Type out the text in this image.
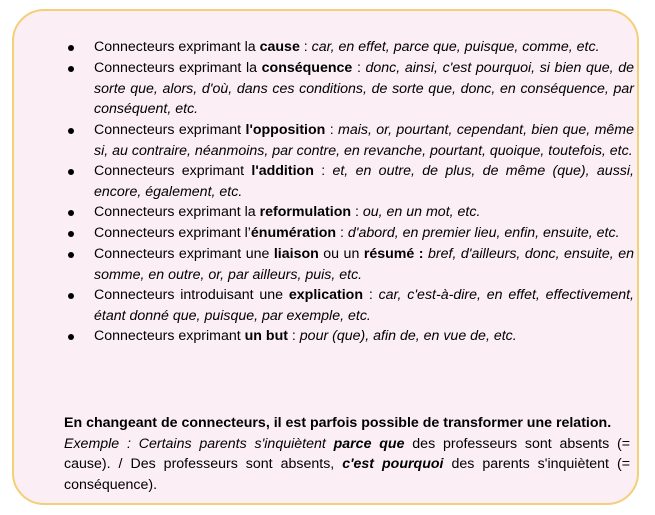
Connecteurs exprimant la cause : car, en effet, parce que, puisque, comme, etc.
Connecteurs exprimant la conséquence : donc, ainsi, c'est pourquoi, si bien que, de sorte que, alors, d'où, dans ces conditions, de sorte que, donc, en conséquence, par conséquent, etc.
Connecteurs exprimant l'opposition : mais, or, pourtant, cependant, bien que, même si, au contraire, néanmoins, par contre, en revanche, pourtant, quoique, toutefois, etc.
Connecteurs exprimant l'addition : et, en outre, de plus, de même (que), aussi, encore, également, etc.
Connecteurs exprimant la reformulation : ou, en un mot, etc.
Connecteurs exprimant l’énumération : d'abord, en premier lieu, enfin, ensuite, etc.
Connecteurs exprimant une liaison ou un résumé : bref, d'ailleurs, donc, ensuite, en somme, en outre, or, par ailleurs, puis, etc.
Connecteurs introduisant une explication : car, c'est-à-dire, en effet, effectivement, étant donné que, puisque, par exemple, etc.
Connecteurs exprimant un but : pour (que), afin de, en vue de, etc.
En changeant de connecteurs, il est parfois possible de transformer une relation.
Exemple : Certains parents s'inquiètent parce que des professeurs sont absents (= cause). / Des professeurs sont absents, c'est pourquoi des parents s'inquiètent (= conséquence).
